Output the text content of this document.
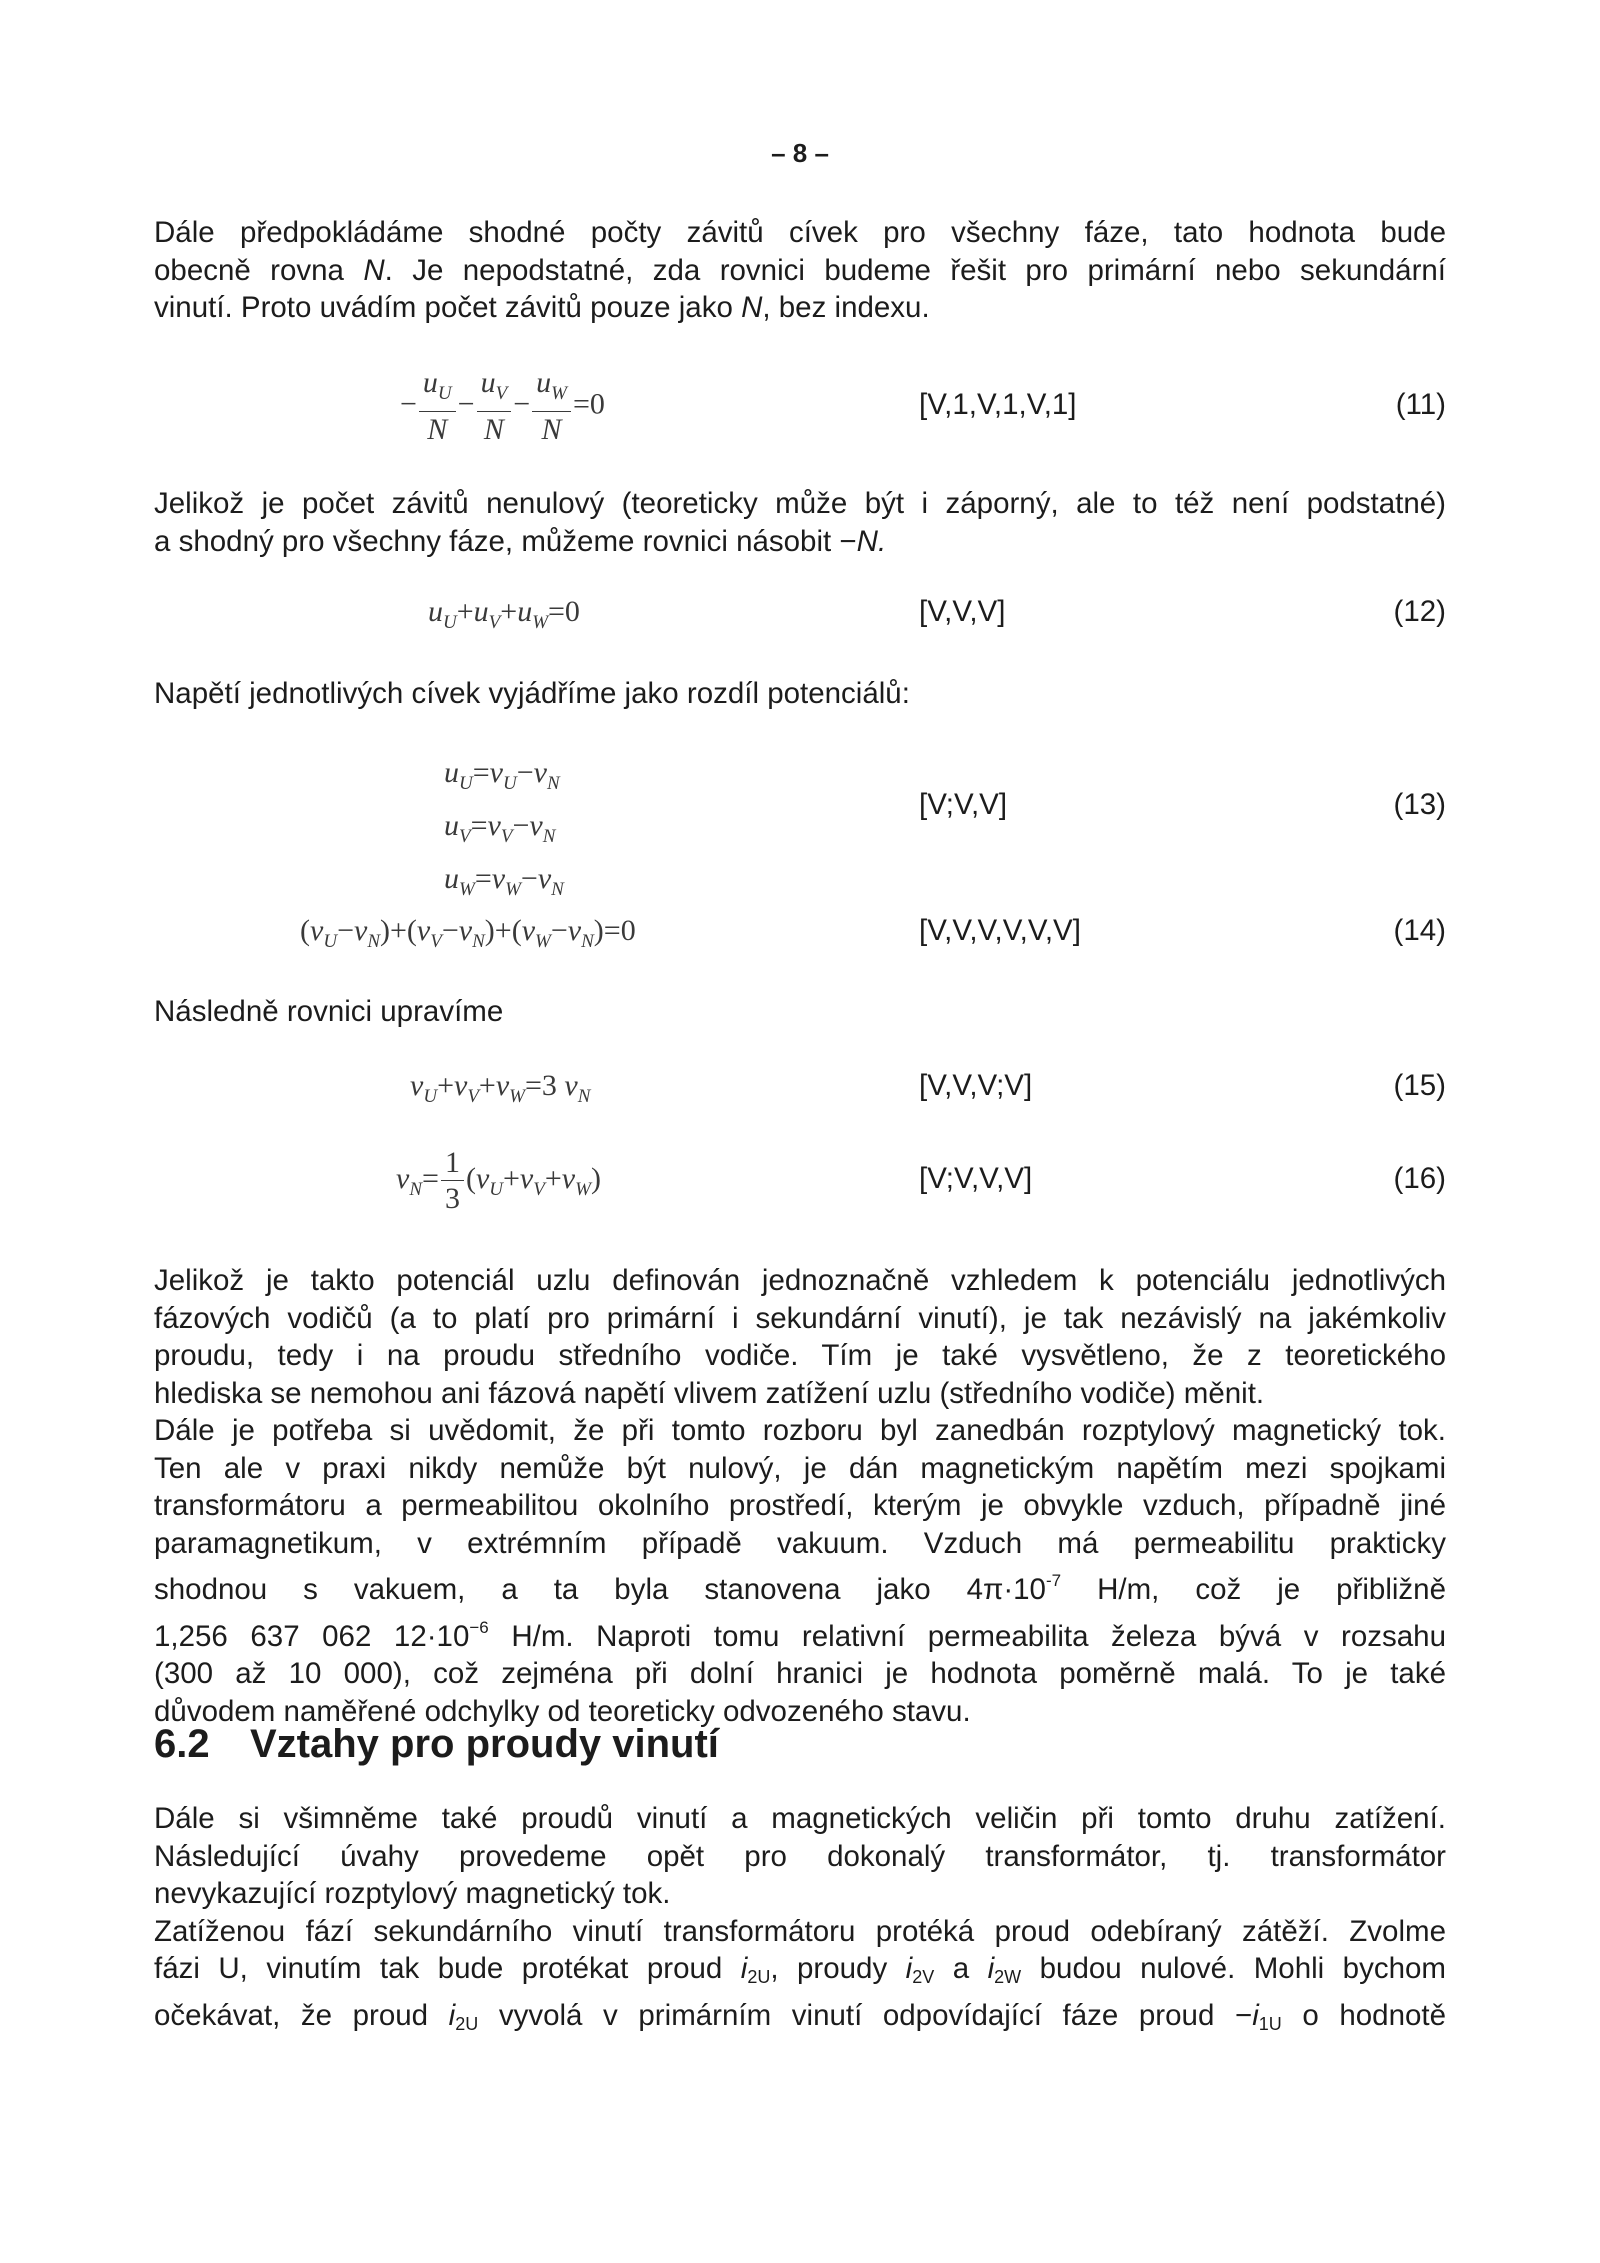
– 8 –

Dále předpokládáme shodné počty závitů cívek pro všechny fáze, tato hodnota bude
obecně rovna N. Je nepodstatné, zda rovnici budeme řešit pro primární nebo sekundární
vinutí. Proto uvádím počet závitů pouze jako N, bez indexu.

− $\frac{u_U}{N} - \frac{u_V}{N} - \frac{u_W}{N} =0$	[V,1,V,1,V,1]	(11)

Jelikož je počet závitů nenulový (teoreticky může být i záporný, ale to též není podstatné)
a shodný pro všechny fáze, můžeme rovnici násobit −N.

$u_U+u_V+u_W=0$	[V,V,V]	(12)

Napětí jednotlivých cívek vyjádříme jako rozdíl potenciálů:

$u_U=v_U-v_N$
$u_V=v_V-v_N$
$u_W=v_W-v_N$
[V;V,V]	(13)
$(v_U-v_N)+(v_V-v_N)+(v_W-v_N)=0$	[V,V,V,V,V,V]	(14)

Následně rovnici upravíme

$v_U+v_V+v_W=3$ $v_N$	[V,V,V;V]	(15)
$v_N= \frac{1}{3} (v_U+v_V+v_W)$	[V;V,V,V]	(16)

Jelikož je takto potenciál uzlu definován jednoznačně vzhledem k potenciálu jednotlivých
fázových vodičů (a to platí pro primární i sekundární vinutí), je tak nezávislý na jakémkoliv
proudu, tedy i na proudu středního vodiče. Tím je také vysvětleno, že z teoretického
hlediska se nemohou ani fázová napětí vlivem zatížení uzlu (středního vodiče) měnit.
Dále je potřeba si uvědomit, že při tomto rozboru byl zanedbán rozptylový magnetický tok.
Ten ale v praxi nikdy nemůže být nulový, je dán magnetickým napětím mezi spojkami
transformátoru a permeabilitou okolního prostředí, kterým je obvykle vzduch, případně jiné
paramagnetikum, v extrémním případě vakuum. Vzduch má permeabilitu prakticky
shodnou s vakuem, a ta byla stanovena jako $4\pi\cdot 10^{-7}$ H/m, což je přibližně
1,256 637 062 $12\cdot 10^{-6}$ H/m. Naproti tomu relativní permeabilita železa bývá v rozsahu
(300 až 10 000), což zejména při dolní hranici je hodnota poměrně malá. To je také
důvodem naměřené odchylky od teoreticky odvozeného stavu.

6.2 Vztahy pro proudy vinutí

Dále si všimněme také proudů vinutí a magnetických veličin při tomto druhu zatížení.
Následující úvahy provedeme opět pro dokonalý transformátor, tj. transformátor
nevykazující rozptylový magnetický tok.
Zatíženou fází sekundárního vinutí transformátoru protéká proud odebíraný zátěží. Zvolme
fázi U, vinutím tak bude protékat proud i2U, proudy i2V a i2W budou nulové. Mohli bychom
očekávat, že proud i2U vyvolá v primárním vinutí odpovídající fáze proud −i1U o hodnotě
